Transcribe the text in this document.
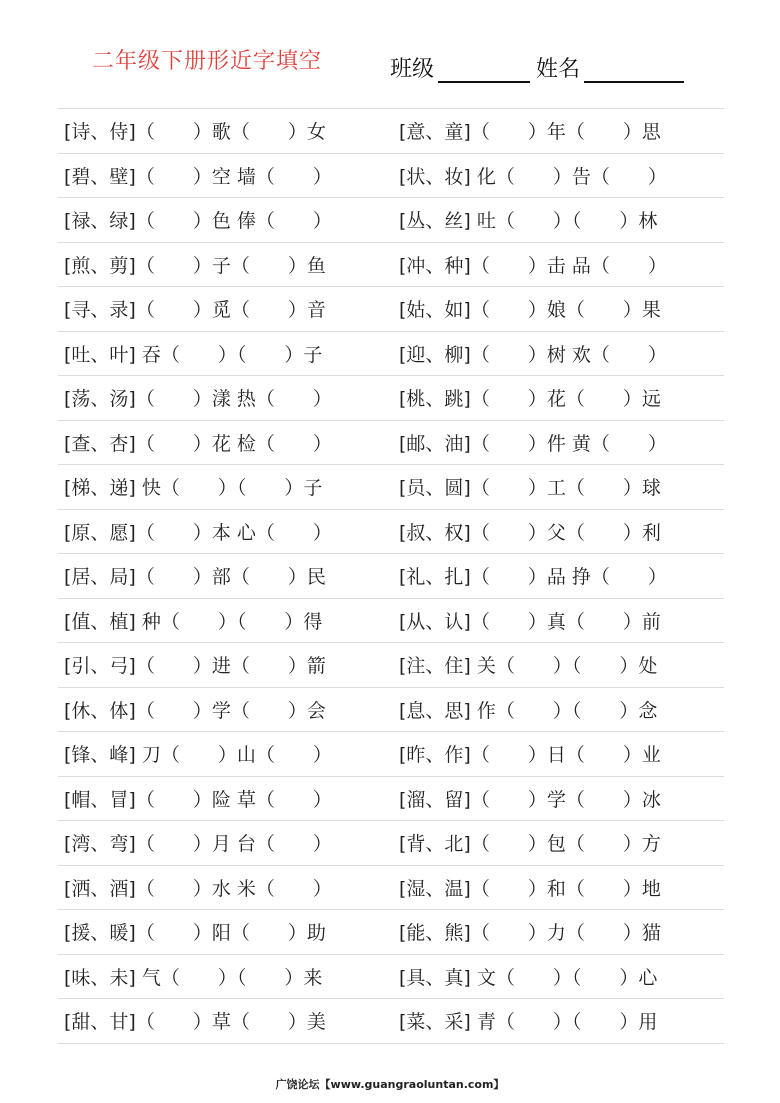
二年级下册形近字填空	班级	姓名
[诗、侍]（　　）歌（　　）女	[意、童]（　　）年（　　）思
[碧、壁]（　　）空 墙（　　）	[状、妆] 化（　　）告（　　）
[禄、绿]（　　）色 俸（　　）	[丛、丝] 吐（　　）（　　）林
[煎、剪]（　　）子（　　）鱼	[冲、种]（　　）击 品（　　）
[寻、录]（　　）觅（　　）音	[姑、如]（　　）娘（　　）果
[吐、叶] 吞（　　）（　　）子	[迎、柳]（　　）树 欢（　　）
[荡、汤]（　　）漾 热（　　）	[桃、跳]（　　）花（　　）远
[查、杏]（　　）花 检（　　）	[邮、油]（　　）件 黄（　　）
[梯、递] 快（　　）（　　）子	[员、圆]（　　）工（　　）球
[原、愿]（　　）本 心（　　）	[叔、权]（　　）父（　　）利
[居、局]（　　）部（　　）民	[礼、扎]（　　）品 挣（　　）
[值、植] 种（　　）（　　）得	[从、认]（　　）真（　　）前
[引、弓]（　　）进（　　）箭	[注、住] 关（　　）（　　）处
[休、体]（　　）学（　　）会	[息、思] 作（　　）（　　）念
[锋、峰] 刀（　　）山（　　）	[昨、作]（　　）日（　　）业
[帽、冒]（　　）险 草（　　）	[溜、留]（　　）学（　　）冰
[湾、弯]（　　）月 台（　　）	[背、北]（　　）包（　　）方
[洒、酒]（　　）水 米（　　）	[湿、温]（　　）和（　　）地
[援、暖]（　　）阳（　　）助	[能、熊]（　　）力（　　）猫
[味、未] 气（　　）（　　）来	[具、真] 文（　　）（　　）心
[甜、甘]（　　）草（　　）美	[菜、采] 青（　　）（　　）用
广饶论坛【www.guangraoluntan.com】
